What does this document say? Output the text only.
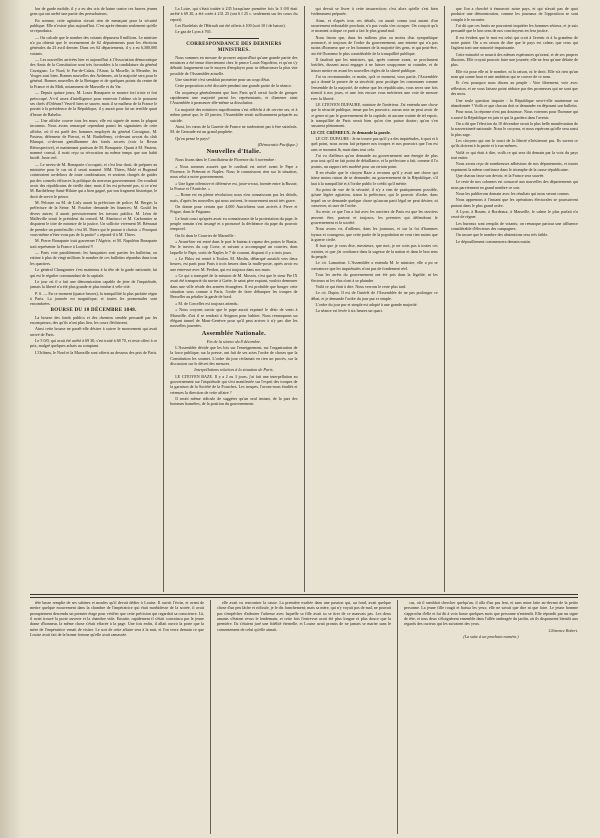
lon de garde mobile, il y a eu des cris de haine contre ces braves jeunes gens qui ont arrêté une partie des perturbateurs.

En somme, cette agitation n'avait rien de menaçant pour la sécurité publique. Elle n'existe plus aujourd'hui. C'est après-demain seulement qu'elle se reproduira.

— On calcule que le nombre des votants dépassera 8 millions. Le ministre n'a pu obtenir que le recensement de 62 départements pour les élections générales du 23 avril dernier. Dans ces 62 départements, il y a eu 6,300,000 votants.

— Les nouvelles arrivées hier et aujourd'hui à l'Association démocratique des Amis de la Constitution sont très favorables à la candidature du général Cavaignac. Le Nord, le Pas-de-Calais, l'Aisne, la Moselle, la Meurthe, les Vosges sont bien. Bonnes nouvelles des Ardennes, où la majorité sera pour le général. Bonnes nouvelles de la Bretagne et de quelques points du centre de la France et du Midi, notamment de Marseille et du Var.

— Depuis quinze jours, M. Louis Bonaparte se montre fort triste et fort préoccupé. A-t-il assez d'intelligence pour entrevoir l'abîme où le poussent ses chefs d'Orléans? Veut-il bien se sauver, mais il se malheur de la France le portait à la présidence de la République, il y aurait pour lui un terrible quart d'heure de Babelin.

— Une affiche couvre tous les murs; elle est signée de noms la plupart inconnus. Nous avons remarqué cependant parmi les signataires de cette affiche, où il est parlé des hommes employés du général Cavaignac, M. Pasteur, défenseur de Pierrot, et M. Barthélemy, ci-devant avocat du club Blanqui, ci-devant gentilhomme des fonds secrets (voir la Revue Rétrospective), et maintenant partisan de M. Bonaparte. Quant à M. Pasteur, nommé consul, il avait reçu sa révocation au même temps que son habit brodé. Juste ciel.

— Le neveu de M. Bonaparte s'occupait, et c'est leur droit, de préparer au ministère pour le cas où il serait nommé. MM. Thiers, Molé et Bugeaud cointeraient au-dehors de toute combinaison, et seraient chargés de guider par des conseils efficaces la politique du nouveau gouvernement. On voudrait avoir des républicains de vieille date; mais il les est présenté pas, si ce n'est M. Barthélemy Saint-Hilaire qui a bien gagné, par son fragment historique, le droit de servir le prince.

M. Pelouze ou M. de Lisly aurait la préfecture de police; M. Berger, la préfecture de la Seine. M. Foucher demande les finances; M. Gould les divers autres; il aurait provisoirement les travaux publics. M. Léon de Malleville serait le président du conseil. M. Abattucci et M. Carbonnier se disputent le titre de ministre de la justice. Un sollicite vivement M. Rémusat de prendre un portefeuille; c'est M. Thiers qui le pousse à choisir. « Pourquoi vous-même n'êtes-vous pas de la partie? » répond-il à M. Thiers.

M. Pierre Bonaparte irait gouverner l'Algérie, et M. Napoléon Bonaparte irait représenter la France à Londres!!!

— Paris vote paisiblement; les banquistes sont parties les bulletins; on estime à plus de vingt millions le nombre de ces bulletins répandus dans tous les quartiers.

Le général Changarnier s'est maintenu à la tête de la garde nationale, lui qui est le régulier commandant de la capitale.

Le jour où il a fait une démonstration capable de jeter de l'inquiétude, jamais la liberté n'a été plus grande et plus tendue à vélo-cité.

P. S. — En ce moment (quatre heures), la tranquillité la plus parfaite règne à Paris. La journée est magnifique, et toutes les promenades sont encombrées.

BOURSE DU 10 DÉCEMBRE 1848.

La bourse des fonds publics et des chemins semble persuadé par les escompteurs; des qu'ils n'ont plus lieu, les cours fléchissent.

Ainsi cette bourse ne paraît-elle désirer à suivre le mouvement qui avait arrivé de Paris.

Le 5 0/0, qui avait été arrêté à 69 30, s'est traité à 68 70, et reste offert à ce prix, malgré quelques achats au comptant.

L'Orléans, le Nord et la Marseille sont offerts au dessous des prix de Paris.

La Loire, qui s'était traitée à 235 lorsqu'une première fois la 3 0/0 était arrêté à 69 20, a été cotée à 231 25 (ont 6 f 25 c. seulement sur les cours du report).

Les Bordelais de l'Hérault ont été offerts à 100 (soit 10 f de baisse).

Le gaz de Lyon à 765.

CORRESPONDANCE DES DERNIERS MINISTRES.

Nous sommes en mesure de prouver aujourd'hui qu'une grande partie des ministres a été tenue directement chez le prince Louis-Napoléon, et qu'on s'y débattit longuement sur le moyen d'employer pour se débarrasser la plus vite possible de l'Assemblée actuelle.

Une sincérité c'est semblait promettre pour un coup d'état.

Cette proposition a été discutée pendant une grande partie de la séance.

On acquiesça généralement que hors Paris qu'il serait facile de grouper rapidement une majorité parmi les représentants, et d'amener ainsi l'Assemblée à prononcer elle-même sa dissolution.

La majorité des ministres napoléoniens s'est réfléchi à de cervier ses, et à même pensé que, le 20 janvier, l'Assemblée serait suffisamment préparée au suicide.

Ainsi, les vœux de la Gazette de France ne tarderaient pas à être satisfaits. M. de Genoude est un grand prophète.

Qu'en pense le pays?

(Démocratie Pacifique.)

Nouvelles d'Italie.

Nous lisons dans le Conciliateur de Florence du 3 novembre :

« Nous sommes assurés que le cardinal est arrivé avant le Pape a Florence, le Piémont et Naples. Nous le connaissons rien sur la situation, nous relui a notre gouvernement.

« Une ligne offensive et défensive est, juste-u-tout, formée entre la Russie, la Prusse et l'Autriche. »

— Rome est en pleine révolution; nous n'en connaissons pas les détails, mais, d'après les nouvelles qui nous arrivent, le mouvement serait très grave.

On donne pour certain que 4,000 Autrichiens sont arrivés à Pieve et Prigue, dans le Frignano.

Le bruit court qu'après avoir eu connaissance de la protestation du pape, le peuple romain s'est insurgé et a prononcé la déchéance du pape du pouvoir temporel.

On lit dans le Courrier de Marseille :

« Avant-hier est entré dans le port le bateau à vapeur des postes le Bastia. Par le travers du cap Corse, et suivant a accompagné un courrier, dans laquelle le Pape, sortit de Naples le 7 de courant, disparut il y a trois jours.

« Le Phlox est rentré à Toulon. M. Moslin, débarqué aussitôt vers deux heures, est parti pour Paris à trois heures dans la malle-poste, après avoir eu une entrevue avec M. Perdon, qui est toujours dans nos murs.

« Ce qui a transpiré de la mission de M. Mossin, c'est que le sieur Pie IX avait été transporté du navire à Gaëte, le saint père expiant, vouloir demeurer dans une ville réside des armées étrangères. Il est probable que bouger cette situation sous connue à Paris, l'ordre de faire débarquer les troupes de Besseller au pétalier la garde de bord.

« M. de Corcelles est toujours attendu.

« Nous croyons savoir que le pape aurait exprimé le désir de venir à Marseille, d'où il se rendrait à Avignon pour habiter. Nous remarquons un élégant tunnel de Mont-Genèvre pour qu'il peut arriver à n'y pas dire les nouvelles journées.

Assemblée Nationale.

Fin de la séance du 8 décembre.

L'Assemblée décide que les lois sur l'enseignement, sur l'organisation de la force publique, sur la presse, ont fait de ses actes l'ordre de choses que la Constitution les soumet. L'ordre du jour réclamait en rien un procès, sur la discussion sur le décret des mesures.

Interpellations relatives à la situation de Paris.

LE CITOYEN BAZE. Il y a 2 ou 3 jours, j'ai fait une interpellation au gouvernement sur l'inquiétude qui s'est manifestée sur l'esprit des troupes de la garnison de la Société de la Fourches. Les troupes, l'avons-nous étudiés et retenues la direction de cette affaire ?

Il serait même ridicule de suggérer qu'un seul instant, de la part des hommes honnêtes, de la position du gouvernement.

qui devait se livrer à cette insurrection; c'est alors qu'elle s'est bien évidemment préparée.

Ainsi, et d'après tous ces détails, on aurait connu tout autant d'un mouvement redoutable prochain, n'a pas voulu s'en occuper. On conçoit qu'à ce moment critique ce parti a fait le plus grand mal.

Nous lisons que, dans les milieux plus ou moins d'un sympathique prononcé, et toujours de l'ordre du gouvernement, une entente qui n'a pas moins d'honneur que ce les hommes de la majorité des gens, et qui peut-être, ont été l'honneur le plus considérable de la tranquillité publique.

Il faudrait que les ministres, qui, après comme avant, se proclament fortifiés, dussent aussi engager à ne laisser soupçonner ni craindre, et de laisser mettre en avant les nouvelles règles de la sûreté publique.

J'ai vu recommander, ce matin, qu'à ce moment, vous partie, l'Assemblée qui a donné la preuve de sa sincérité, pour protéger les communes comme l'ensemble de la majorité, de même que les républicains, vous serez une fois attentif à nos jours, et une fois encore vous mériterez une voie de mesure avec la liberté.

LE CITOYEN DUFAURE, ministre de l'intérieur. J'ai entendu une chose que la sécurité publique, tenue par les pouvoirs; aucun acte ne peut avoir de ce genre ni par le gouvernement de la capitale, ni aucune crainte de tel espoir, la tranquillité de Paris serait bien qu'on s'en puisse douter; qu'on s'en rassurera pleinement.

LE CIT. CRÉMIEUX. Je demande la parole.

LE CIT. DUFAURE : Je ne trouve pas qu'il y a des inquiétudes, à quoi et à quel point, nous avons fait préparer nos troupes et nos pouvoirs que l'on est sans ce moment là, mais dans tout cela.

J'ai vu d'ailleurs qu'on demande au gouvernement une énergie de plus pour tout qu'il ne fait point de défaillance, et la préfecture a fait, comme il l'a promis, un rapport très modéré pour un certain point.

Il en résulte que le citoyen Baze a reconnu qu'il y avait une chose qui laisse moins raison de se demander, un gouvernement de la République, s'il faut à la tranquillité et à l'ordre public le crédit qu'il mérite.

Au point de vue de la sécurité, il n'y a rien de pratiquement possible, qu'une légère agitation, sinon la préfecture, qui le pouvoir d'ordre, dans lequel on se demande quelque chose qu'aucun parti légal ne peut désirer, ni conserver, ni user de l'ordre.

Au reste, ce que l'on a fait avec les ouvriers de Paris est que les ouvriers peuvent être, partout et toujours, les premiers qui défendront le gouvernement et la société.

Nous avons vu, d'ailleurs, dans les journaux, et sur la foi d'hommes loyaux et courageux, que cette partie de la population ne veut rien moins que la guerre civile.

Il faut que je vous dise, messieurs, que moi, je ne crois pas à toutes ces craintes, et que j'ai confiance dans la sagesse de la nation et dans le bon sens du peuple.

Le cit. Lamartine. L'Assemblée a entendu M. le ministre, elle a pu se convaincre que les inquiétudes n'ont pas de fondement réel.

Tous les arrêts du gouvernement ont été pris dans la légalité, ni les électeurs ni les élus n'ont à se plaindre.

Voilà ce qui était à dire. Nous verrons le reste plus tard.

Le cit. Dupin. Il est de l'intérêt de l'Assemblée de ne pas prolonger ce débat, et je demande l'ordre du jour pur et simple.

L'ordre du jour pur et simple est adopté à une grande majorité.

La séance est levée à six heures un quart.

que l'on a cherché à émouvoir notre pays, et qui n'avait pas de quoi produire une démonstration, comme les journaux de l'opposition se sont complu à le raconter.

J'ai dit que ces bruits ne pouvaient inquiéter les hommes sérieux, et je suis persuadé que le bon sens de nos concitoyens en fera justice.

Il est évident que le mot est celui qui croit à l'avenir et à la grandeur de notre patrie. On a eu raison de dire que le pays est calme, que ceux qui l'agitent sont une minorité impuissante.

Cette minorité se nourrit des mêmes espérances qu'avant, et de ses propres illusions. Elle croyait pouvoir faire une journée, elle ne fera qu'une défaite de plus.

Elle n'a pour elle ni le nombre, ni la raison, ni le droit. Elle n'a rien qu'un nom qui sonne haut et une ambition qui se couvre de ce nom.

Et c'est pourquoi nous disons au peuple : Vote librement, vote avec réflexion, et ne vous laissez point séduire par des promesses qui ne sont que des mots.

Une seule question importe : la République sera-t-elle maintenue ou abandonnée ? Voilà ce que chacun doit se demander en déposant son bulletin.

Pour nous, la réponse n'est pas douteuse. Nous voterons pour l'homme qui a sauvé la République en juin et qui la gardera dans l'avenir.

On a dit que l'élection du 10 décembre serait la plus belle manifestation de la souveraineté nationale. Nous le croyons, et nous espérons qu'elle sera aussi la plus sage.

Les citoyens qui ont le souci de la liberté n'hésiteront pas. Ils savent ce qu'ils doivent à la patrie et à eux-mêmes.

Voilà ce qui était à dire, voilà ce qui sera dit demain par la voix du pays tout entier.

Nous avons reçu de nombreuses adhésions de nos départements, et toutes expriment la même confiance dans le triomphe de la cause républicaine.

Que chacun fasse son devoir, et la France sera sauvée.

Le reste de nos colonnes est consacré aux nouvelles des départements qui nous parviennent en grand nombre ce soir.

Nous les publierons demain avec les résultats qui nous seront connus.

Nous apprenons à l'instant que les opérations électorales se poursuivent partout dans le plus grand ordre.

A Lyon, à Rouen, à Bordeaux, à Marseille, le calme le plus parfait n'a cessé de régner.

Les bureaux sont remplis de votants; on remarque partout une affluence considérable d'électeurs des campagnes.

On assure que le nombre des abstentions sera très faible.

Le dépouillement commencera demain matin.

tête basse remplie de ses sabines et moules qu'il devait dédier à Louise. Il ouvrit l'écrin, et avant de mettre quelque mouvement dans la chambre de l'impératrice qui était morbidesse de la soirée, il avait promptement descendu un premier étage pour vérifier que cette précision qui regardait sa conscience. Là, il avait trouvé la porte ouverte et la chambre vide. Ensuite, rapidement il s'était convaincu par le jeune danse d'honneur, la même chose s'était effacée à la page. Une fois enfin, il allait ouvrir la porte que la mère de l'impératrice venait de visiter. Le sort de cette affaire sera à la nuit, et l'on verra demain ce que Louise avait fait de la bonne fortune qu'elle avait ramassée.

elle avait vu rencontrer la cause. La première exaltée dans une passion qui, au fond, avait quelque chose d'un peu lâche et ridicule, je le dis franchement; mais sa mère, qui n'y voyait pas de mal, ne pouvait pas s'empêcher d'admirer l'adresse avec laquelle sa fille avait su se tirer de ce mauvais pas. Les deux amants s'étaient revus le lendemain, et cette fois l'entrevue avait été plus longue et plus douce que la première. Ils s'étaient juré une fidélité éternelle, et Louise avait promis de ne jamais se marier sans le consentement de celui qu'elle aimait.

cas, où il semblait chercher quelqu'un, il alla d'un pas lent, et sans mine faite au-devant de la petite personne. La jeune fille rougit et baissa les yeux; elle ne savait que dire ni que faire. Le jeune homme s'approcha d'elle et lui dit à voix basse quelques mots que personne n'entendit. Elle répondit par un signe de tête, et tous deux s'éloignèrent ensemble dans l'allée ombragée du jardin, où ils disparurent bientôt aux regards des curieux qui les suivaient des yeux.

Clémence Robert.

(La suite à un prochain numéro.)
